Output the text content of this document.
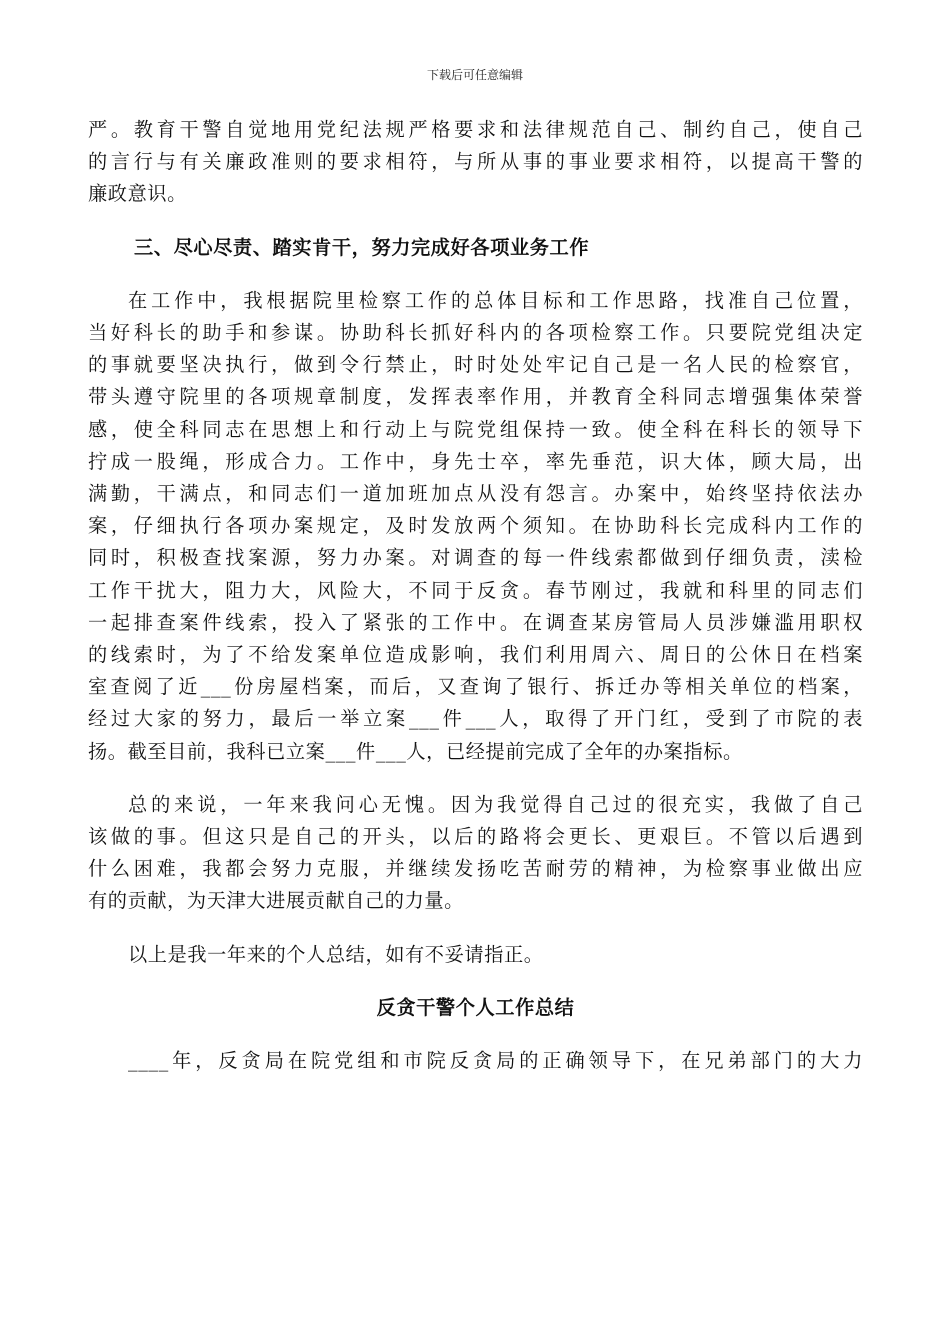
下载后可任意编辑
严。教育干警自觉地用党纪法规严格要求和法律规范自己、制约自己，使自己
的言行与有关廉政准则的要求相符，与所从事的事业要求相符，以提高干警的
廉政意识。
三、尽心尽责、踏实肯干，努力完成好各项业务工作
在工作中，我根据院里检察工作的总体目标和工作思路，找准自己位置，
当好科长的助手和参谋。协助科长抓好科内的各项检察工作。只要院党组决定
的事就要坚决执行，做到令行禁止，时时处处牢记自己是一名人民的检察官，
带头遵守院里的各项规章制度，发挥表率作用，并教育全科同志增强集体荣誉
感，使全科同志在思想上和行动上与院党组保持一致。使全科在科长的领导下
拧成一股绳，形成合力。工作中，身先士卒，率先垂范，识大体，顾大局，出
满勤，干满点，和同志们一道加班加点从没有怨言。办案中，始终坚持依法办
案，仔细执行各项办案规定，及时发放两个须知。在协助科长完成科内工作的
同时，积极查找案源，努力办案。对调查的每一件线索都做到仔细负责，渎检
工作干扰大，阻力大，风险大，不同于反贪。春节刚过，我就和科里的同志们
一起排查案件线索，投入了紧张的工作中。在调查某房管局人员涉嫌滥用职权
的线索时，为了不给发案单位造成影响，我们利用周六、周日的公休日在档案
室查阅了近___份房屋档案，而后，又查询了银行、拆迁办等相关单位的档案，
经过大家的努力，最后一举立案___件___人，取得了开门红，受到了市院的表
扬。截至目前，我科已立案___件___人，已经提前完成了全年的办案指标。
总的来说，一年来我问心无愧。因为我觉得自己过的很充实，我做了自己
该做的事。但这只是自己的开头，以后的路将会更长、更艰巨。不管以后遇到
什么困难，我都会努力克服，并继续发扬吃苦耐劳的精神，为检察事业做出应
有的贡献，为天津大进展贡献自己的力量。
以上是我一年来的个人总结，如有不妥请指正。
反贪干警个人工作总结
____年，反贪局在院党组和市院反贪局的正确领导下，在兄弟部门的大力
